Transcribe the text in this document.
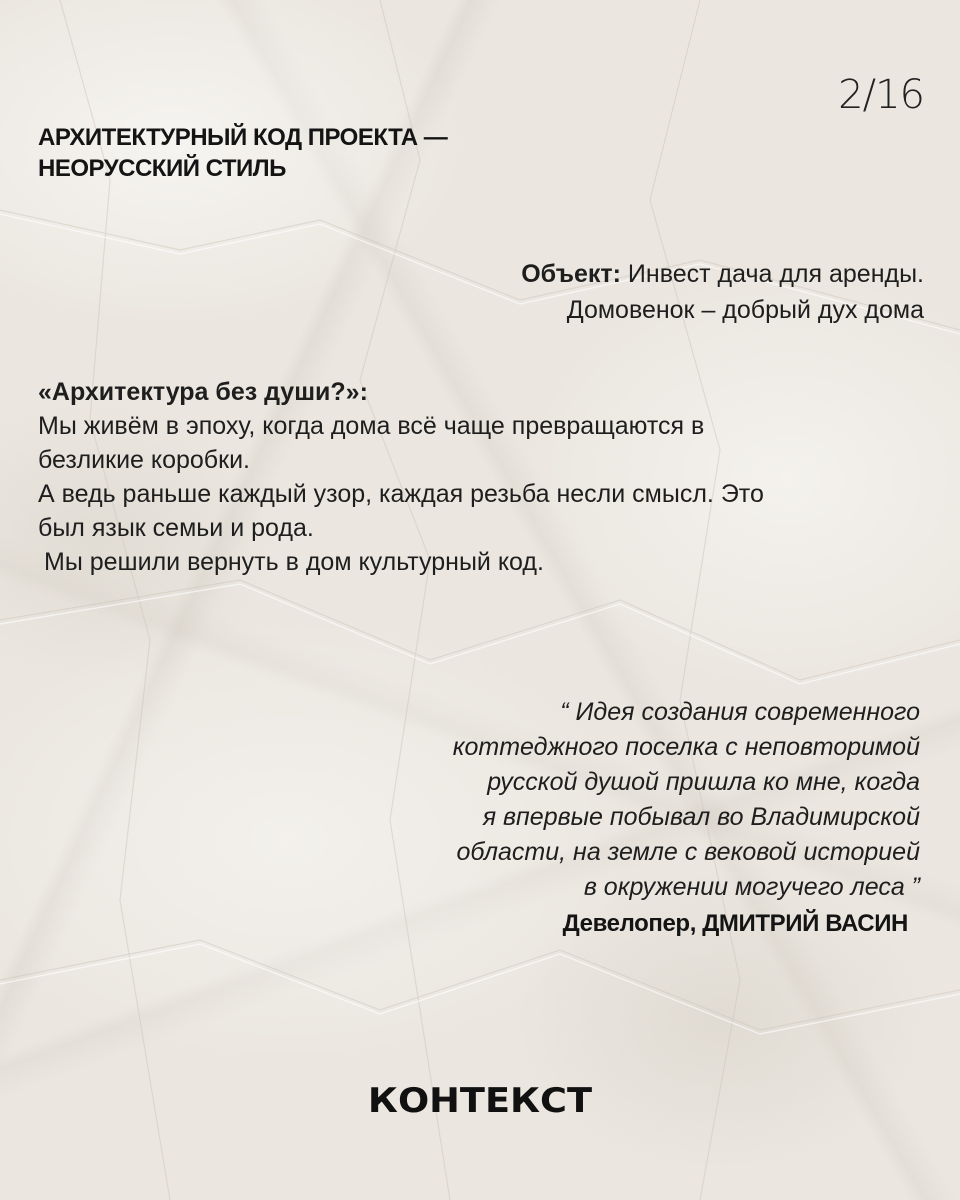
2/16
АРХИТЕКТУРНЫЙ КОД ПРОЕКТА —
НЕОРУССКИЙ СТИЛЬ
Объект: Инвест дача для аренды.
Домовенок – добрый дух дома
«Архитектура без души?»:
Мы живём в эпоху, когда дома всё чаще превращаются в
безликие коробки.
А ведь раньше каждый узор, каждая резьба несли смысл. Это
был язык семьи и рода.
Мы решили вернуть в дом культурный код.
“ Идея создания современного
коттеджного поселка с неповторимой
русской душой пришла ко мне, когда
я впервые побывал во Владимирской
области, на земле с вековой историей
в окружении могучего леса ”
Девелопер, ДМИТРИЙ ВАСИН
КОНТЕКСТ
